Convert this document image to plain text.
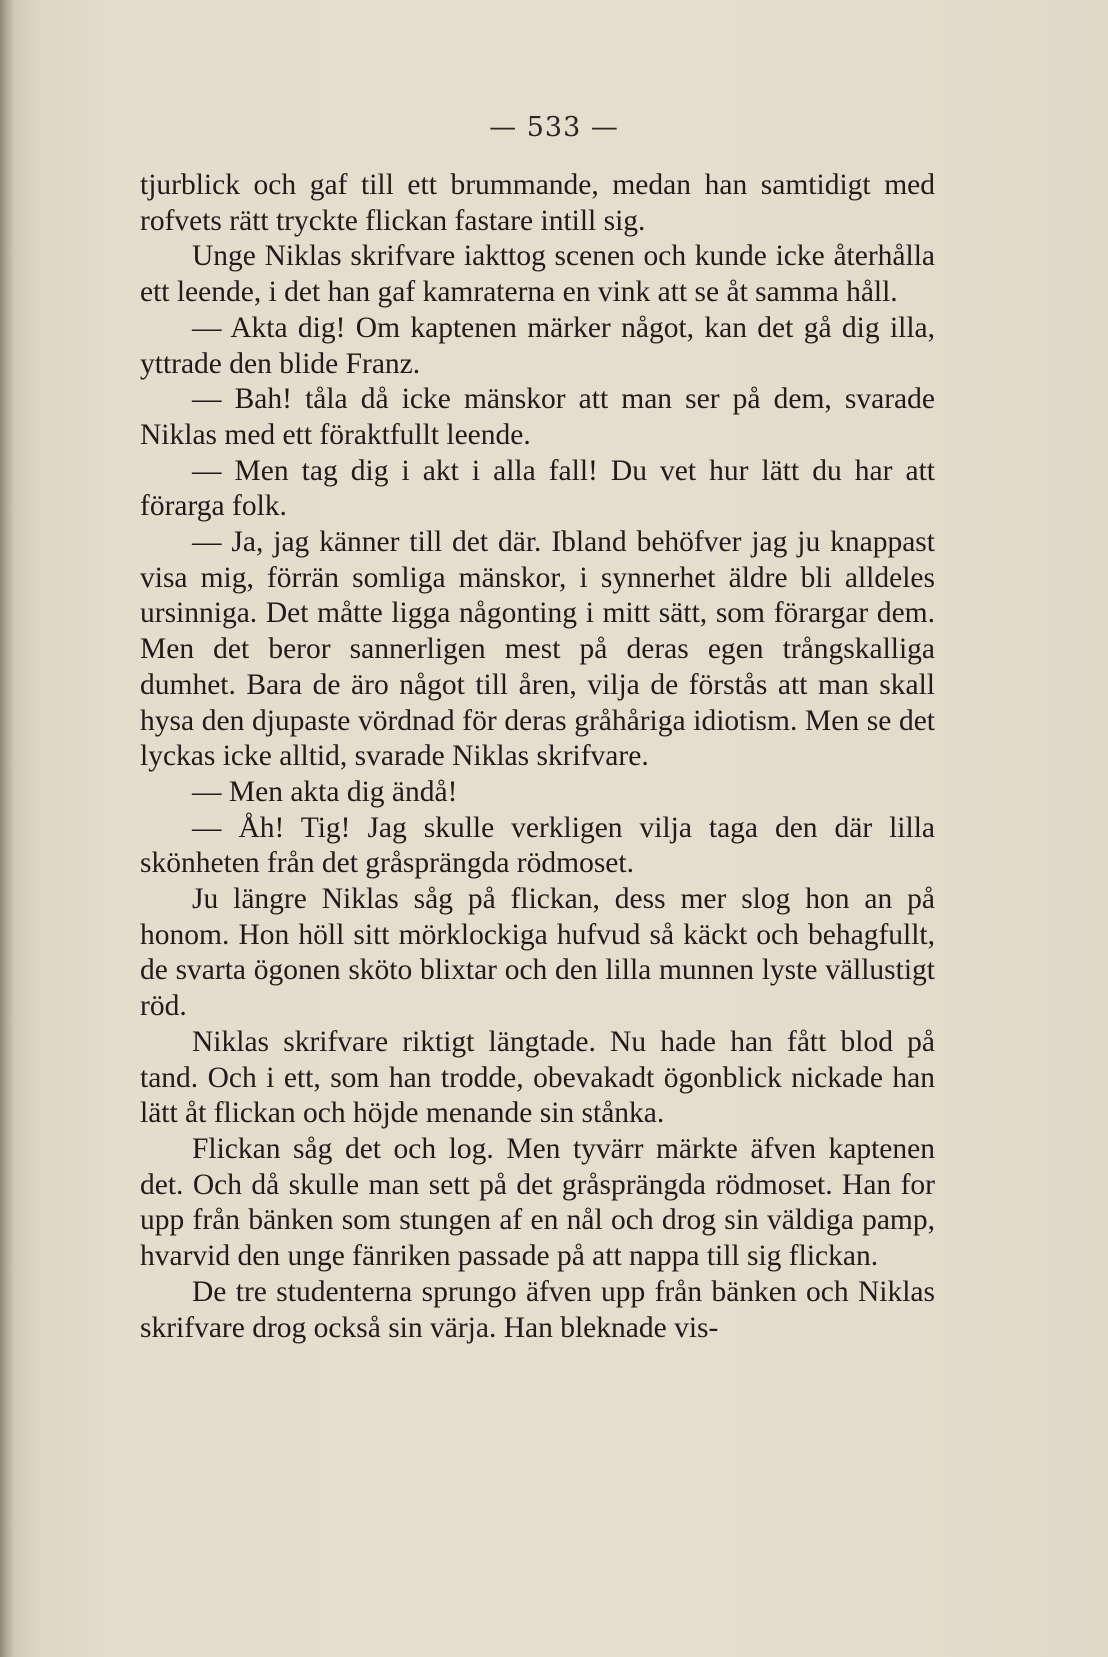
— 533 —

tjurblick och gaf till ett brummande, medan han samtidigt med rofvets rätt tryckte flickan fastare intill sig.

Unge Niklas skrifvare iakttog scenen och kunde icke återhålla ett leende, i det han gaf kamraterna en vink att se åt samma håll.

— Akta dig! Om kaptenen märker något, kan det gå dig illa, yttrade den blide Franz.

— Bah! tåla då icke mänskor att man ser på dem, svarade Niklas med ett föraktfullt leende.

— Men tag dig i akt i alla fall! Du vet hur lätt du har att förarga folk.

— Ja, jag känner till det där. Ibland behöfver jag ju knappast visa mig, förrän somliga mänskor, i synnerhet äldre bli alldeles ursinniga. Det måtte ligga någonting i mitt sätt, som förargar dem. Men det beror sannerligen mest på deras egen trångskalliga dumhet. Bara de äro något till åren, vilja de förstås att man skall hysa den djupaste vördnad för deras gråhåriga idiotism. Men se det lyckas icke alltid, svarade Niklas skrifvare.

— Men akta dig ändå!

— Åh! Tig! Jag skulle verkligen vilja taga den där lilla skönheten från det gråsprängda rödmoset.

Ju längre Niklas såg på flickan, dess mer slog hon an på honom. Hon höll sitt mörklockiga hufvud så käckt och behagfullt, de svarta ögonen sköto blixtar och den lilla munnen lyste vällustigt röd.

Niklas skrifvare riktigt längtade. Nu hade han fått blod på tand. Och i ett, som han trodde, obevakadt ögonblick nickade han lätt åt flickan och höjde menande sin stånka.

Flickan såg det och log. Men tyvärr märkte äfven kaptenen det. Och då skulle man sett på det gråsprängda rödmoset. Han for upp från bänken som stungen af en nål och drog sin väldiga pamp, hvarvid den unge fänriken passade på att nappa till sig flickan.

De tre studenterna sprungo äfven upp från bänken och Niklas skrifvare drog också sin värja. Han bleknade vis-
